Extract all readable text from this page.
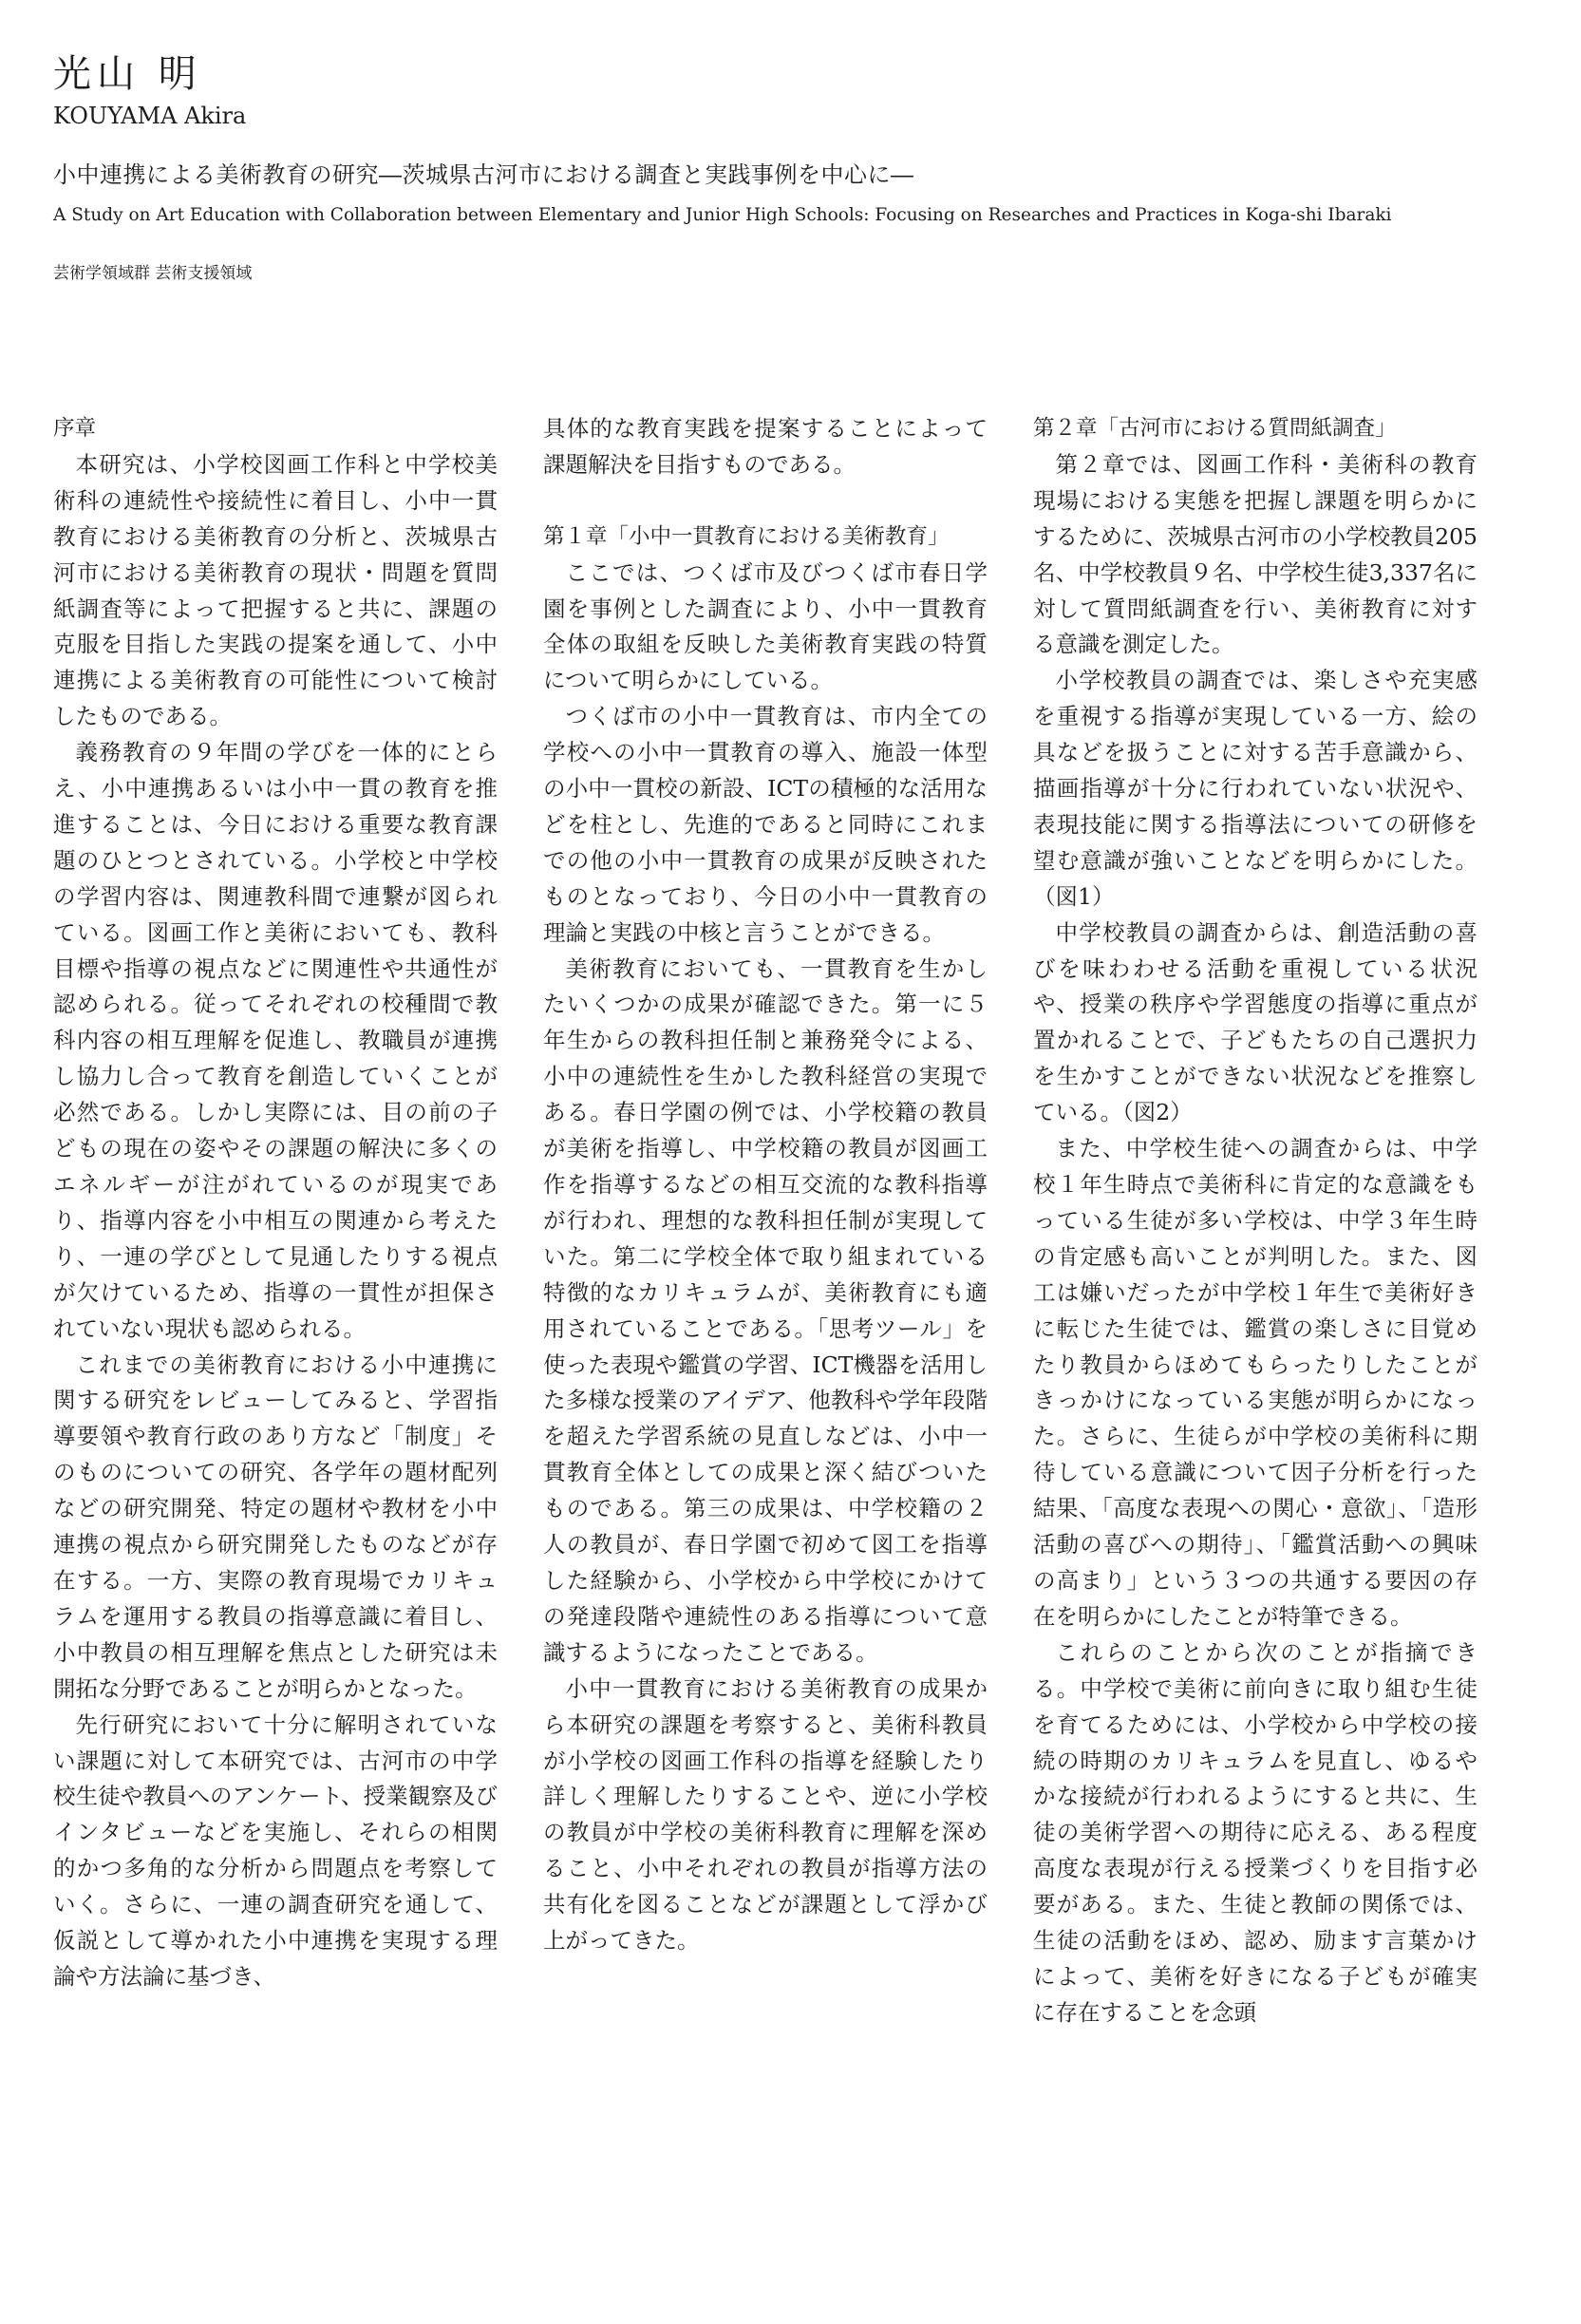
光山 明
KOUYAMA Akira
小中連携による美術教育の研究―茨城県古河市における調査と実践事例を中心に―
A Study on Art Education with Collaboration between Elementary and Junior High Schools: Focusing on Researches and Practices in Koga-shi Ibaraki
芸術学領域群 芸術支援領域
序章

本研究は、小学校図画工作科と中学校美術科の連続性や接続性に着目し、小中一貫教育における美術教育の分析と、茨城県古河市における美術教育の現状・問題を質問紙調査等によって把握すると共に、課題の克服を目指した実践の提案を通して、小中連携による美術教育の可能性について検討したものである。

義務教育の９年間の学びを一体的にとらえ、小中連携あるいは小中一貫の教育を推進することは、今日における重要な教育課題のひとつとされている。小学校と中学校の学習内容は、関連教科間で連繋が図られている。図画工作と美術においても、教科目標や指導の視点などに関連性や共通性が認められる。従ってそれぞれの校種間で教科内容の相互理解を促進し、教職員が連携し協力し合って教育を創造していくことが必然である。しかし実際には、目の前の子どもの現在の姿やその課題の解決に多くのエネルギーが注がれているのが現実であり、指導内容を小中相互の関連から考えたり、一連の学びとして見通したりする視点が欠けているため、指導の一貫性が担保されていない現状も認められる。

これまでの美術教育における小中連携に関する研究をレビューしてみると、学習指導要領や教育行政のあり方など「制度」そのものについての研究、各学年の題材配列などの研究開発、特定の題材や教材を小中連携の視点から研究開発したものなどが存在する。一方、実際の教育現場でカリキュラムを運用する教員の指導意識に着目し、小中教員の相互理解を焦点とした研究は未開拓な分野であることが明らかとなった。

先行研究において十分に解明されていない課題に対して本研究では、古河市の中学校生徒や教員へのアンケート、授業観察及びインタビューなどを実施し、それらの相関的かつ多角的な分析から問題点を考察していく。さらに、一連の調査研究を通して、仮説として導かれた小中連携を実現する理論や方法論に基づき、

具体的な教育実践を提案することによって課題解決を目指すものである。

第１章「小中一貫教育における美術教育」

ここでは、つくば市及びつくば市春日学園を事例とした調査により、小中一貫教育全体の取組を反映した美術教育実践の特質について明らかにしている。

つくば市の小中一貫教育は、市内全ての学校への小中一貫教育の導入、施設一体型の小中一貫校の新設、ICTの積極的な活用などを柱とし、先進的であると同時にこれまでの他の小中一貫教育の成果が反映されたものとなっており、今日の小中一貫教育の理論と実践の中核と言うことができる。

美術教育においても、一貫教育を生かしたいくつかの成果が確認できた。第一に５年生からの教科担任制と兼務発令による、小中の連続性を生かした教科経営の実現である。春日学園の例では、小学校籍の教員が美術を指導し、中学校籍の教員が図画工作を指導するなどの相互交流的な教科指導が行われ、理想的な教科担任制が実現していた。第二に学校全体で取り組まれている特徴的なカリキュラムが、美術教育にも適用されていることである。「思考ツール」を使った表現や鑑賞の学習、ICT機器を活用した多様な授業のアイデア、他教科や学年段階を超えた学習系統の見直しなどは、小中一貫教育全体としての成果と深く結びついたものである。第三の成果は、中学校籍の２人の教員が、春日学園で初めて図工を指導した経験から、小学校から中学校にかけての発達段階や連続性のある指導について意識するようになったことである。

小中一貫教育における美術教育の成果から本研究の課題を考察すると、美術科教員が小学校の図画工作科の指導を経験したり詳しく理解したりすることや、逆に小学校の教員が中学校の美術科教育に理解を深めること、小中それぞれの教員が指導方法の共有化を図ることなどが課題として浮かび上がってきた。

第２章「古河市における質問紙調査」

第２章では、図画工作科・美術科の教育現場における実態を把握し課題を明らかにするために、茨城県古河市の小学校教員205名、中学校教員９名、中学校生徒3,337名に対して質問紙調査を行い、美術教育に対する意識を測定した。

小学校教員の調査では、楽しさや充実感を重視する指導が実現している一方、絵の具などを扱うことに対する苦手意識から、描画指導が十分に行われていない状況や、表現技能に関する指導法についての研修を望む意識が強いことなどを明らかにした。（図1）

中学校教員の調査からは、創造活動の喜びを味わわせる活動を重視している状況や、授業の秩序や学習態度の指導に重点が置かれることで、子どもたちの自己選択力を生かすことができない状況などを推察している。（図2）

また、中学校生徒への調査からは、中学校１年生時点で美術科に肯定的な意識をもっている生徒が多い学校は、中学３年生時の肯定感も高いことが判明した。また、図工は嫌いだったが中学校１年生で美術好きに転じた生徒では、鑑賞の楽しさに目覚めたり教員からほめてもらったりしたことがきっかけになっている実態が明らかになった。さらに、生徒らが中学校の美術科に期待している意識について因子分析を行った結果、「高度な表現への関心・意欲」、「造形活動の喜びへの期待」、「鑑賞活動への興味の高まり」という３つの共通する要因の存在を明らかにしたことが特筆できる。

これらのことから次のことが指摘できる。中学校で美術に前向きに取り組む生徒を育てるためには、小学校から中学校の接続の時期のカリキュラムを見直し、ゆるやかな接続が行われるようにすると共に、生徒の美術学習への期待に応える、ある程度高度な表現が行える授業づくりを目指す必要がある。また、生徒と教師の関係では、生徒の活動をほめ、認め、励ます言葉かけによって、美術を好きになる子どもが確実に存在することを念頭
